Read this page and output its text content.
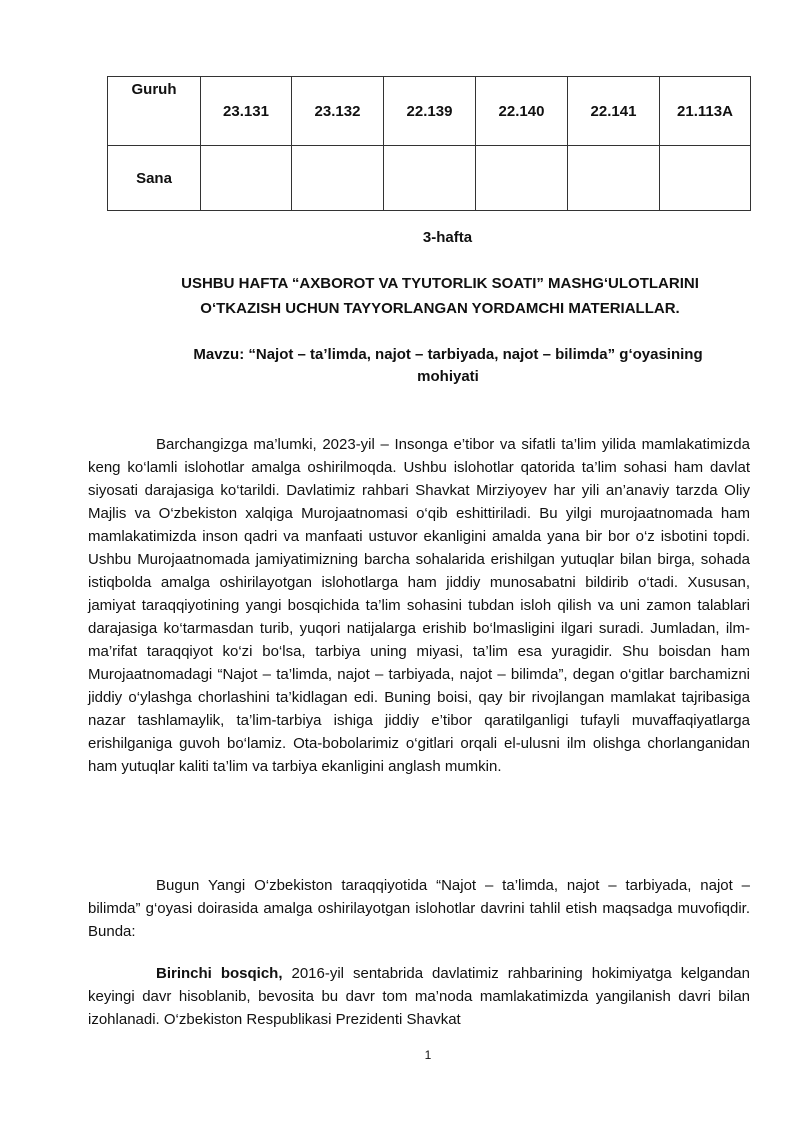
Guruh	23.131	23.132	22.139	22.140	22.141	21.113A
Sana						
3-hafta
USHBU HAFTA “AXBOROT VA TYUTORLIK SOATI” MASHG‘ULOTLARINI
O‘TKAZISH UCHUN TAYYORLANGAN YORDAMCHI MATERIALLAR.
Mavzu: “Najot – ta’limda, najot – tarbiyada, najot – bilimda” g‘oyasining
mohiyati

Barchangizga ma’lumki, 2023-yil – Insonga e’tibor va sifatli ta’lim yilida mamlakatimizda keng ko‘lamli islohotlar amalga oshirilmoqda. Ushbu islohotlar qatorida ta’lim sohasi ham davlat siyosati darajasiga ko‘tarildi. Davlatimiz rahbari Shavkat Mirziyoyev har yili an’anaviy tarzda Oliy Majlis va O‘zbekiston xalqiga Murojaatnomasi o‘qib eshittiriladi. Bu yilgi murojaatnomada ham mamlakatimizda inson qadri va manfaati ustuvor ekanligini amalda yana bir bor o‘z isbotini topdi. Ushbu Murojaatnomada jamiyatimizning barcha sohalarida erishilgan yutuqlar bilan birga, sohada istiqbolda amalga oshirilayotgan islohotlarga ham jiddiy munosabatni bildirib o‘tadi. Xususan, jamiyat taraqqiyotining yangi bosqichida ta’lim sohasini tubdan isloh qilish va uni zamon talablari darajasiga ko‘tarmasdan turib, yuqori natijalarga erishib bo‘lmasligini ilgari suradi. Jumladan, ilm-ma’rifat taraqqiyot ko‘zi bo‘lsa, tarbiya uning miyasi, ta’lim esa yuragidir. Shu boisdan ham Murojaatnomadagi “Najot – ta’limda, najot – tarbiyada, najot – bilimda”, degan o‘gitlar barchamizni jiddiy o‘ylashga chorlashini ta’kidlagan edi. Buning boisi, qay bir rivojlangan mamlakat tajribasiga nazar tashlamaylik, ta’lim-tarbiya ishiga jiddiy e’tibor qaratilganligi tufayli muvaffaqiyatlarga erishilganiga guvoh bo‘lamiz. Ota-bobolarimiz o‘gitlari orqali el-ulusni ilm olishga chorlanganidan ham yutuqlar kaliti ta’lim va tarbiya ekanligini anglash mumkin.

Bugun Yangi O‘zbekiston taraqqiyotida “Najot – ta’limda, najot – tarbiyada, najot – bilimda” g‘oyasi doirasida amalga oshirilayotgan islohotlar davrini tahlil etish maqsadga muvofiqdir. Bunda:

Birinchi bosqich, 2016-yil sentabrida davlatimiz rahbarining hokimiyatga kelgandan keyingi davr hisoblanib, bevosita bu davr tom ma’noda mamlakatimizda yangilanish davri bilan izohlanadi. O‘zbekiston Respublikasi Prezidenti Shavkat

1
